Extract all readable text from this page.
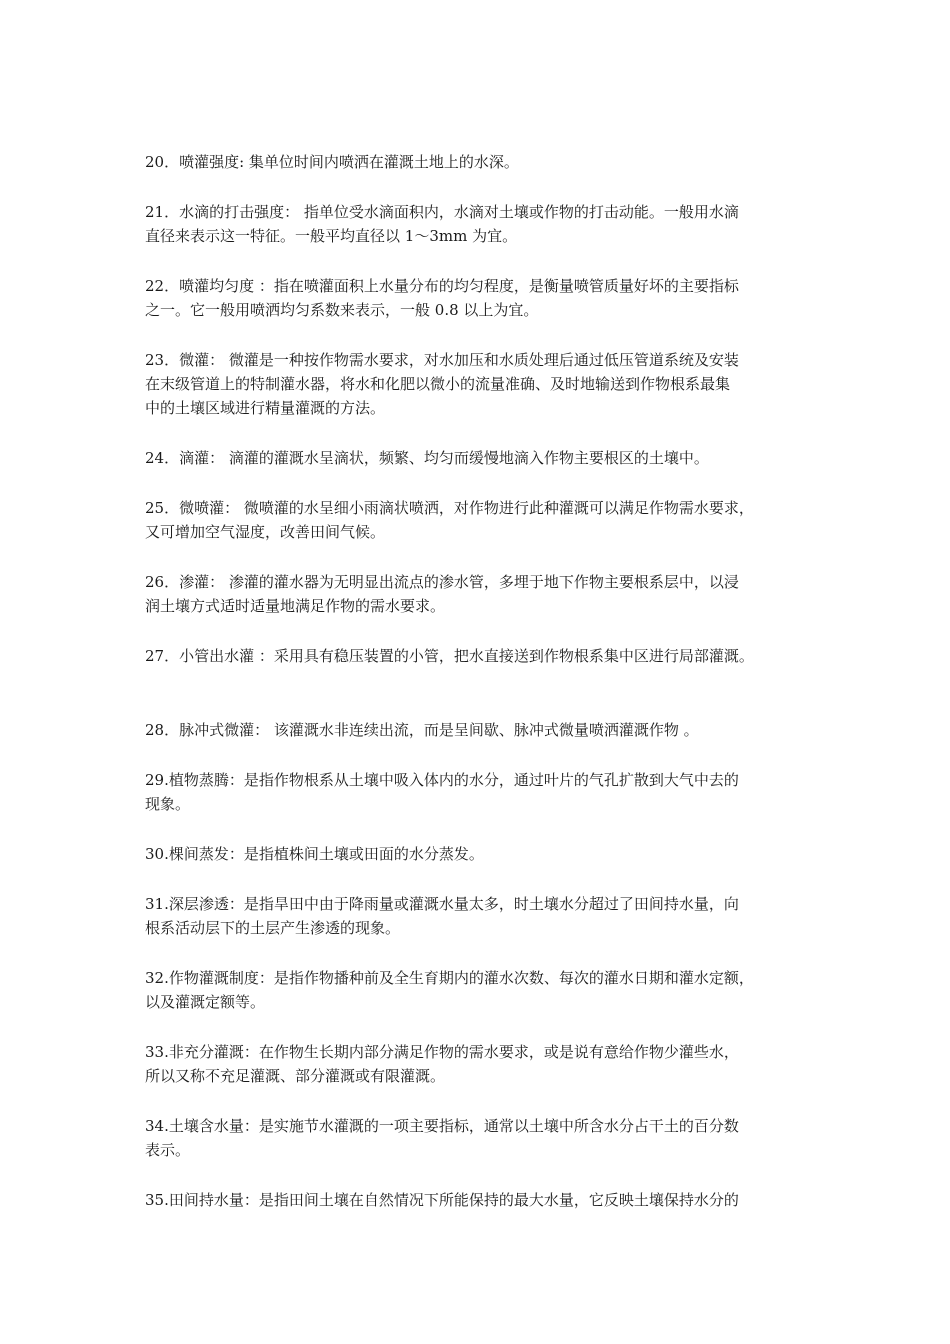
20．喷灌强度: 集单位时间内喷洒在灌溉土地上的水深。

21．水滴的打击强度： 指单位受水滴面积内，水滴对土壤或作物的打击动能。一般用水滴
直径来表示这一特征。一般平均直径以 1～3mm 为宜。

22．喷灌均匀度 ：指在喷灌面积上水量分布的均匀程度，是衡量喷管质量好坏的主要指标
之一。它一般用喷洒均匀系数来表示，一般 0.8 以上为宜。

23．微灌： 微灌是一种按作物需水要求，对水加压和水质处理后通过低压管道系统及安装
在末级管道上的特制灌水器，将水和化肥以微小的流量准确、及时地输送到作物根系最集
中的土壤区域进行精量灌溉的方法。

24．滴灌： 滴灌的灌溉水呈滴状，频繁、均匀而缓慢地滴入作物主要根区的土壤中。

25．微喷灌： 微喷灌的水呈细小雨滴状喷洒，对作物进行此种灌溉可以满足作物需水要求，
又可增加空气湿度，改善田间气候。

26．渗灌： 渗灌的灌水器为无明显出流点的渗水管，多埋于地下作物主要根系层中，以浸
润土壤方式适时适量地满足作物的需水要求。

27．小管出水灌 ：采用具有稳压装置的小管，把水直接送到作物根系集中区进行局部灌溉。

28．脉冲式微灌： 该灌溉水非连续出流，而是呈间歇、脉冲式微量喷洒灌溉作物 。

29.植物蒸腾：是指作物根系从土壤中吸入体内的水分，通过叶片的气孔扩散到大气中去的
现象。

30.棵间蒸发：是指植株间土壤或田面的水分蒸发。

31.深层渗透：是指旱田中由于降雨量或灌溉水量太多，时土壤水分超过了田间持水量，向
根系活动层下的土层产生渗透的现象。

32.作物灌溉制度：是指作物播种前及全生育期内的灌水次数、每次的灌水日期和灌水定额，
以及灌溉定额等。

33.非充分灌溉：在作物生长期内部分满足作物的需水要求，或是说有意给作物少灌些水，
所以又称不充足灌溉、部分灌溉或有限灌溉。

34.土壤含水量：是实施节水灌溉的一项主要指标，通常以土壤中所含水分占干土的百分数
表示。

35.田间持水量：是指田间土壤在自然情况下所能保持的最大水量，它反映土壤保持水分的
